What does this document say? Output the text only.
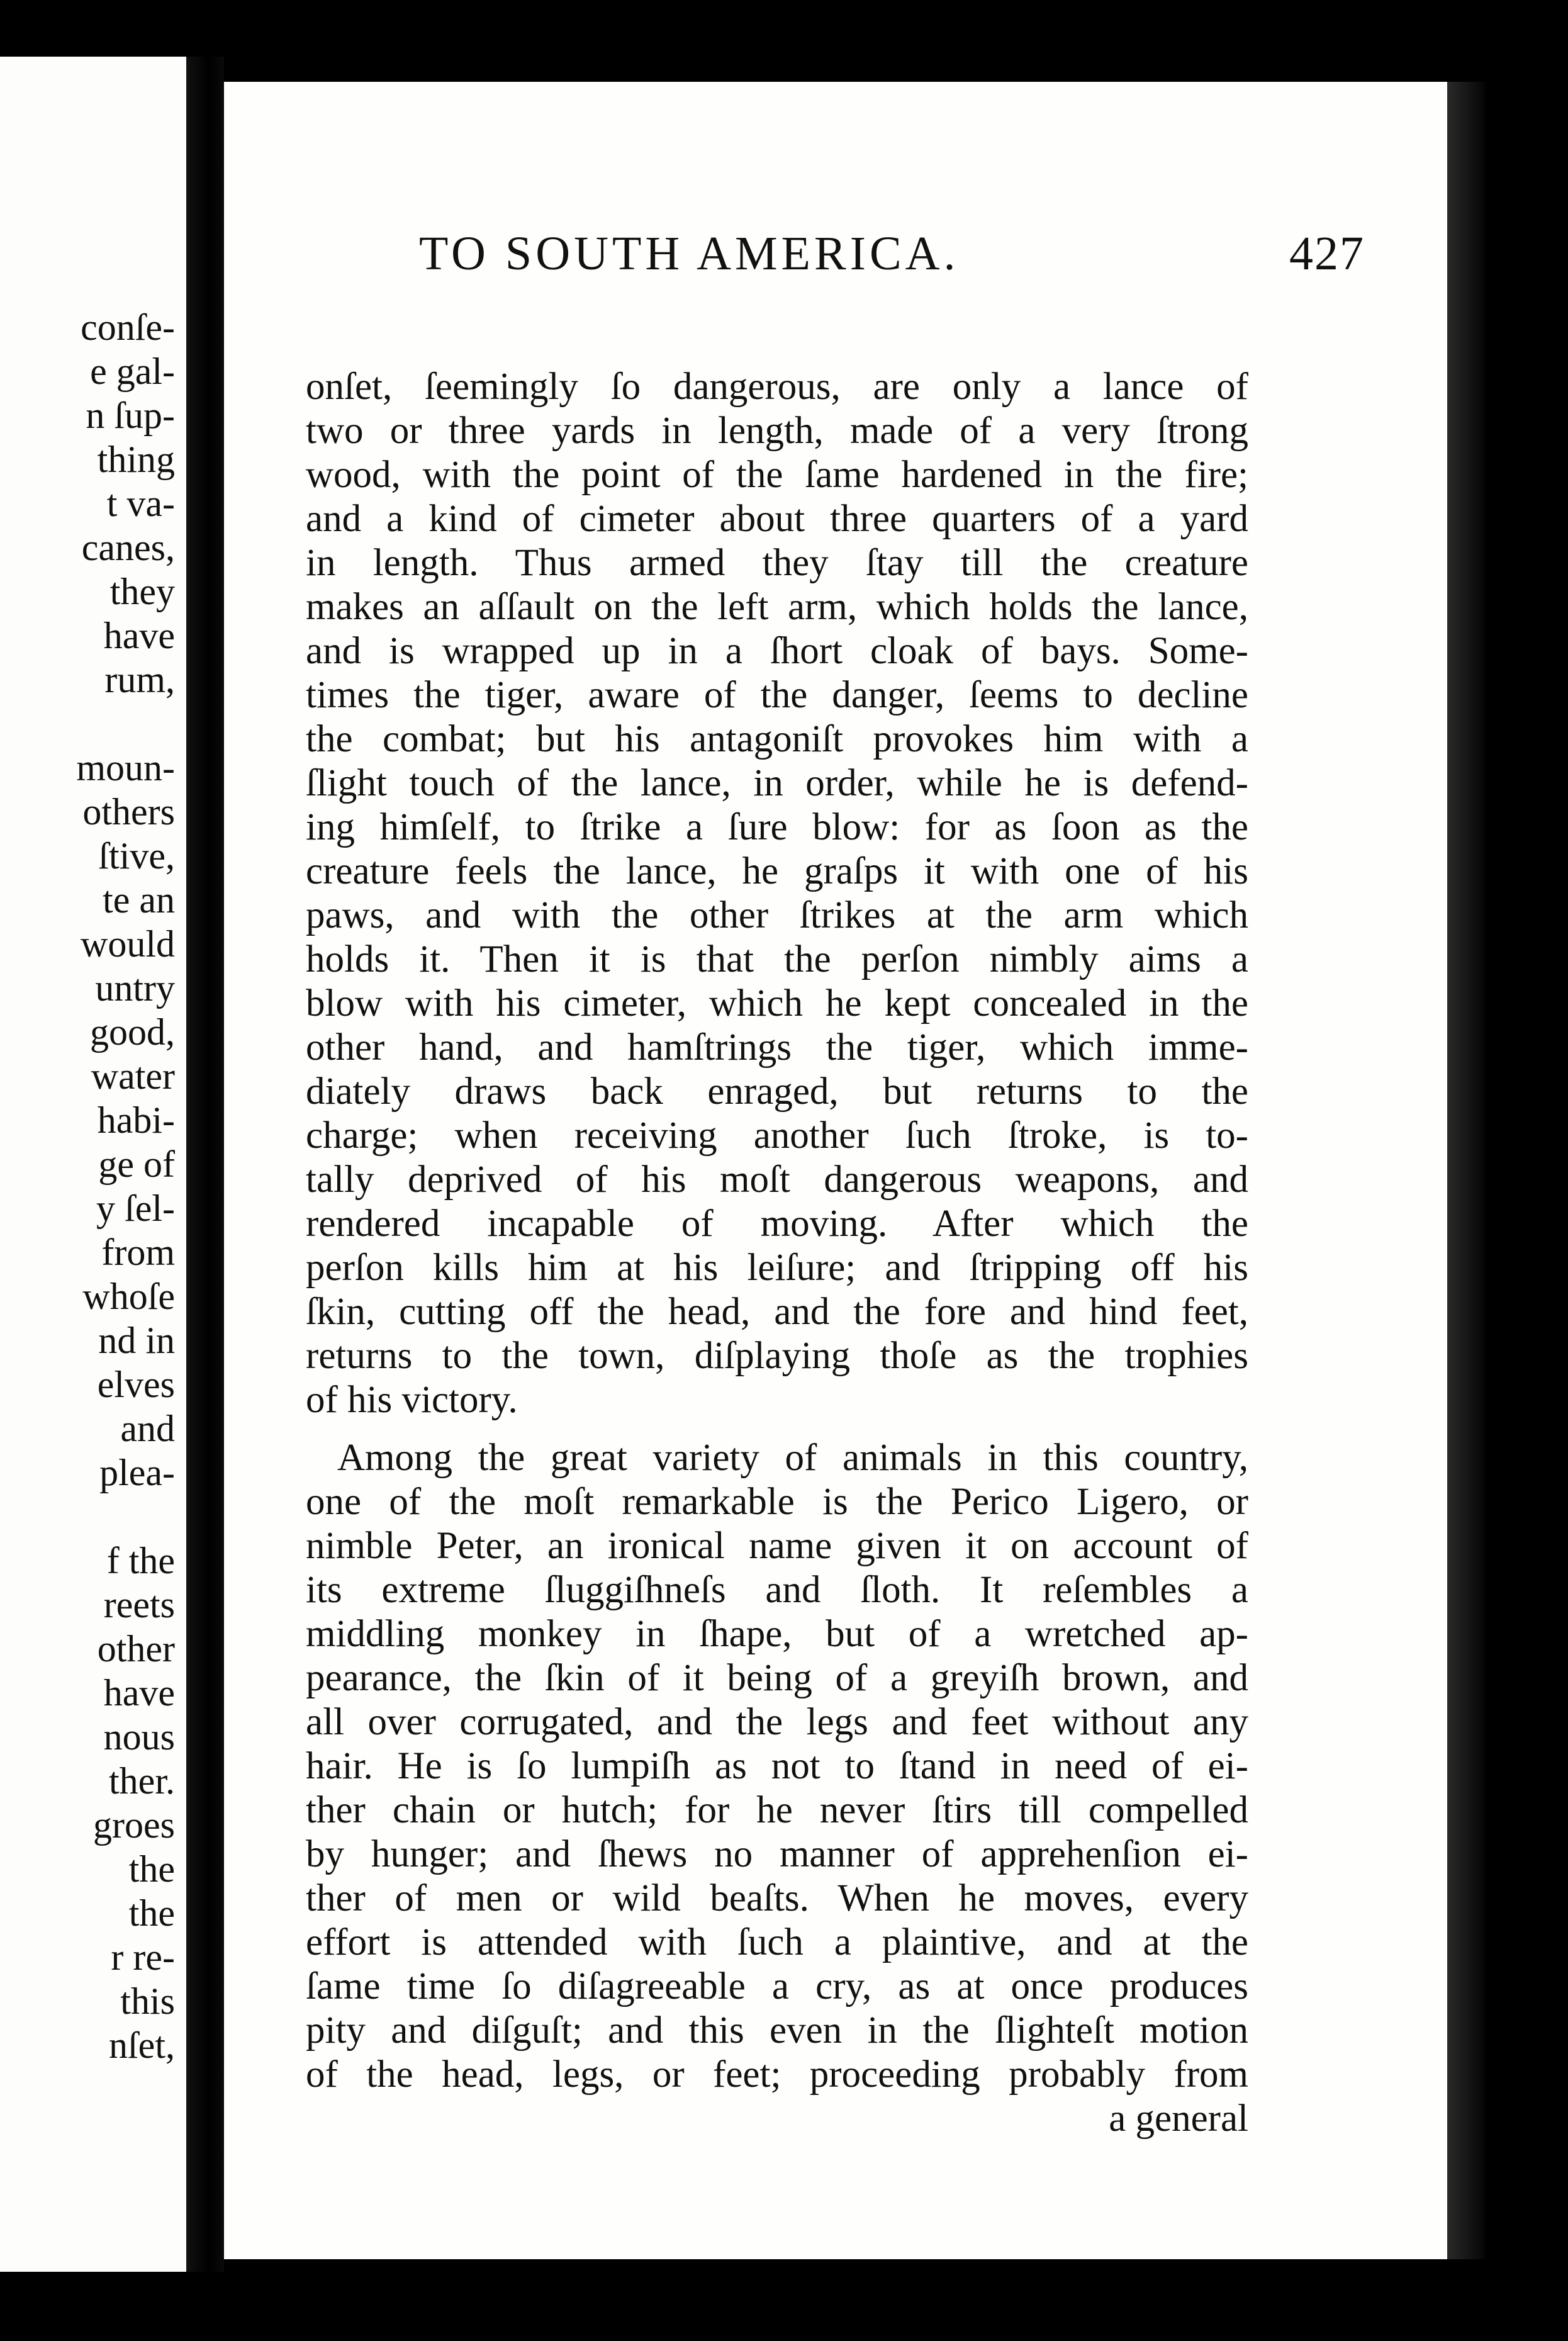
conſe-
e gal-
n ſup-
thing
t va-
canes,
they
have
rum,
moun-
others
ſtive,
te an
would
untry
good,
water
habi-
ge of
y ſel-
from
whoſe
nd in
elves
and
plea-
f the
reets
other
have
nous
ther.
groes
the
the
r re-
this
nſet,
TO SOUTH AMERICA.	427
onſet, ſeemingly ſo dangerous, are only a lance of
two or three yards in length, made of a very ſtrong
wood, with the point of the ſame hardened in the fire;
and a kind of cimeter about three quarters of a yard
in length. Thus armed they ſtay till the creature
makes an aſſault on the left arm, which holds the lance,
and is wrapped up in a ſhort cloak of bays. Some-
times the tiger, aware of the danger, ſeems to decline
the combat; but his antagoniſt provokes him with a
ſlight touch of the lance, in order, while he is defend-
ing himſelf, to ſtrike a ſure blow: for as ſoon as the
creature feels the lance, he graſps it with one of his
paws, and with the other ſtrikes at the arm which
holds it. Then it is that the perſon nimbly aims a
blow with his cimeter, which he kept concealed in the
other hand, and hamſtrings the tiger, which imme-
diately draws back enraged, but returns to the
charge; when receiving another ſuch ſtroke, is to-
tally deprived of his moſt dangerous weapons, and
rendered incapable of moving. After which the
perſon kills him at his leiſure; and ſtripping off his
ſkin, cutting off the head, and the fore and hind feet,
returns to the town, diſplaying thoſe as the trophies
of his victory.
Among the great variety of animals in this country,
one of the moſt remarkable is the Perico Ligero, or
nimble Peter, an ironical name given it on account of
its extreme ſluggiſhneſs and ſloth. It reſembles a
middling monkey in ſhape, but of a wretched ap-
pearance, the ſkin of it being of a greyiſh brown, and
all over corrugated, and the legs and feet without any
hair. He is ſo lumpiſh as not to ſtand in need of ei-
ther chain or hutch; for he never ſtirs till compelled
by hunger; and ſhews no manner of apprehenſion ei-
ther of men or wild beaſts. When he moves, every
effort is attended with ſuch a plaintive, and at the
ſame time ſo diſagreeable a cry, as at once produces
pity and diſguſt; and this even in the ſlighteſt motion
of the head, legs, or feet; proceeding probably from
a general
